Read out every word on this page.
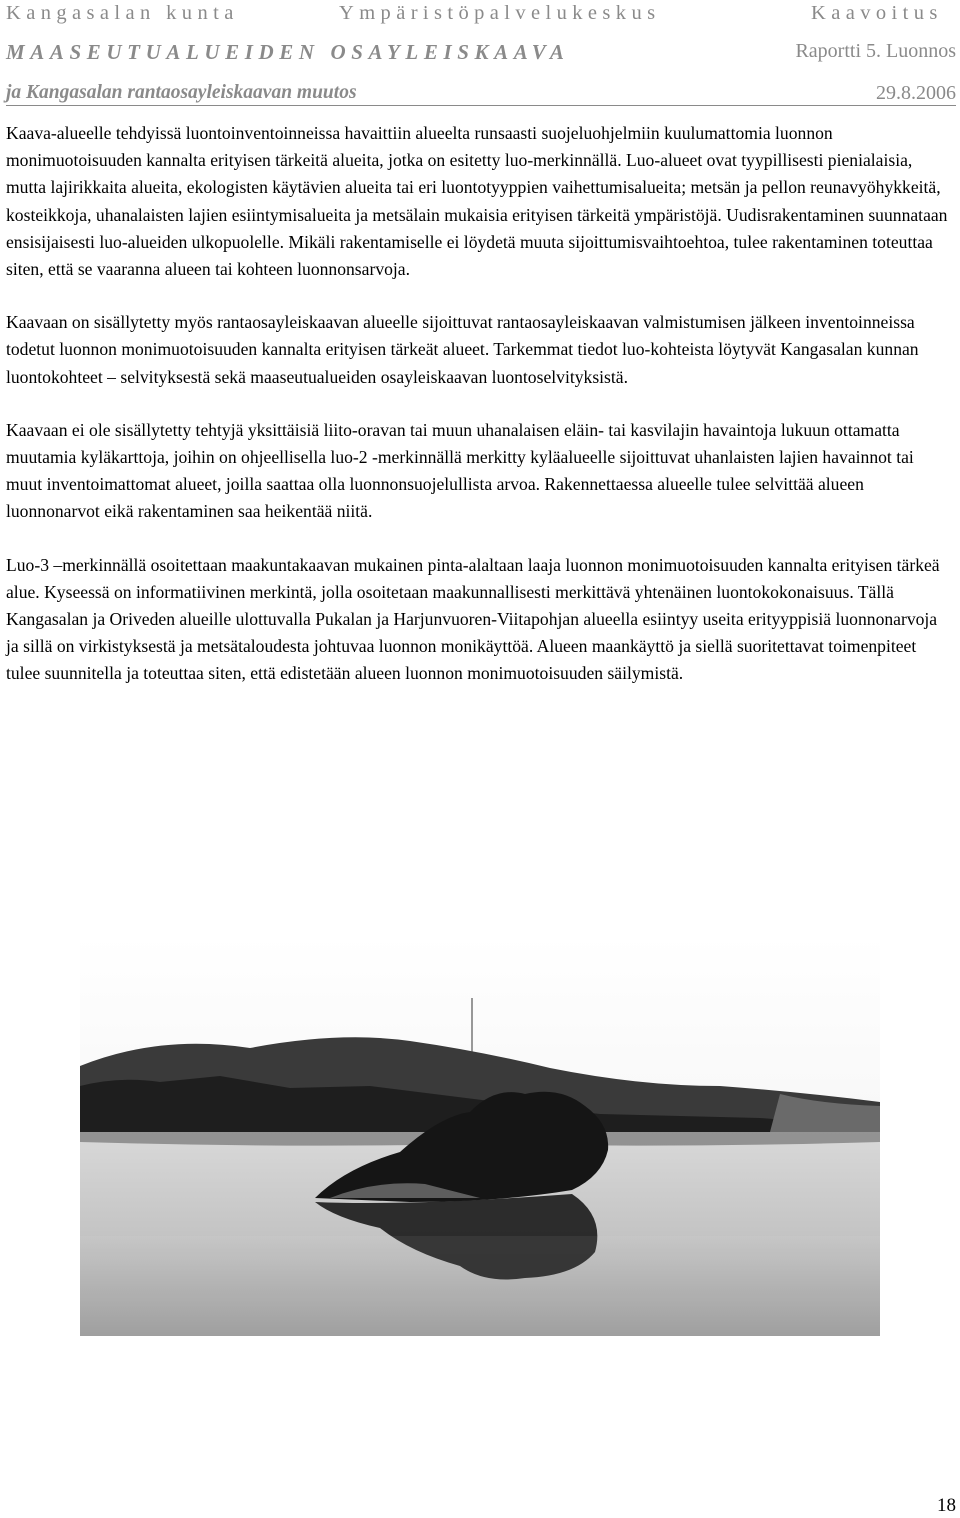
Kangasalan kunta	Ympäristöpalvelukeskus	Kaavoitus
MAASEUTUALUEIDEN OSAYLEISKAAVA	Raportti 5. Luonnos
ja Kangasalan rantaosayleiskaavan muutos	29.8.2006

Kaava-alueelle tehdyissä luontoinventoinneissa havaittiin alueelta runsaasti suojeluohjelmiin kuulumattomia luonnon monimuotoisuuden kannalta erityisen tärkeitä alueita, jotka on esitetty luo-merkinnällä. Luo-alueet ovat tyypillisesti pienialaisia, mutta lajirikkaita alueita, ekologisten käytävien alueita tai eri luontotyyppien vaihettumisalueita; metsän ja pellon reunavyöhykkeitä, kosteikkoja, uhanalaisten lajien esiintymisalueita ja metsälain mukaisia erityisen tärkeitä ympäristöjä. Uudisrakentaminen suunnataan ensisijaisesti luo-alueiden ulkopuolelle. Mikäli rakentamiselle ei löydetä muuta sijoittumisvaihtoehtoa, tulee rakentaminen toteuttaa siten, että se vaaranna alueen tai kohteen luonnonsarvoja.

Kaavaan on sisällytetty myös rantaosayleiskaavan alueelle sijoittuvat rantaosayleiskaavan valmistumisen jälkeen inventoinneissa todetut luonnon monimuotoisuuden kannalta erityisen tärkeät alueet. Tarkemmat tiedot luo-kohteista löytyvät Kangasalan kunnan luontokohteet – selvityksestä sekä maaseutualueiden osayleiskaavan luontoselvityksistä.

Kaavaan ei ole sisällytetty tehtyjä yksittäisiä liito-oravan tai muun uhanalaisen eläin- tai kasvilajin havaintoja lukuun ottamatta muutamia kyläkarttoja, joihin on ohjeellisella luo-2 -merkinnällä merkitty kyläalueelle sijoittuvat uhanlaisten lajien havainnot tai muut inventoimattomat alueet, joilla saattaa olla luonnonsuojelullista arvoa. Rakennettaessa alueelle tulee selvittää alueen luonnonarvot eikä rakentaminen saa heikentää niitä.

Luo-3 –merkinnällä osoitettaan maakuntakaavan mukainen pinta-alaltaan laaja luonnon monimuotoisuuden kannalta erityisen tärkeä alue. Kyseessä on informatiivinen merkintä, jolla osoitetaan maakunnallisesti merkittävä yhtenäinen luontokokonaisuus. Tällä Kangasalan ja Oriveden alueille ulottuvalla Pukalan ja Harjunvuoren-Viitapohjan alueella esiintyy useita erityyppisiä luonnonarvoja ja sillä on virkistyksestä ja metsätaloudesta johtuvaa luonnon monikäyttöä. Alueen maankäyttö ja siellä suoritettavat toimenpiteet tulee suunnitella ja toteuttaa siten, että edistetään alueen luonnon monimuotoisuuden säilymistä.

18
